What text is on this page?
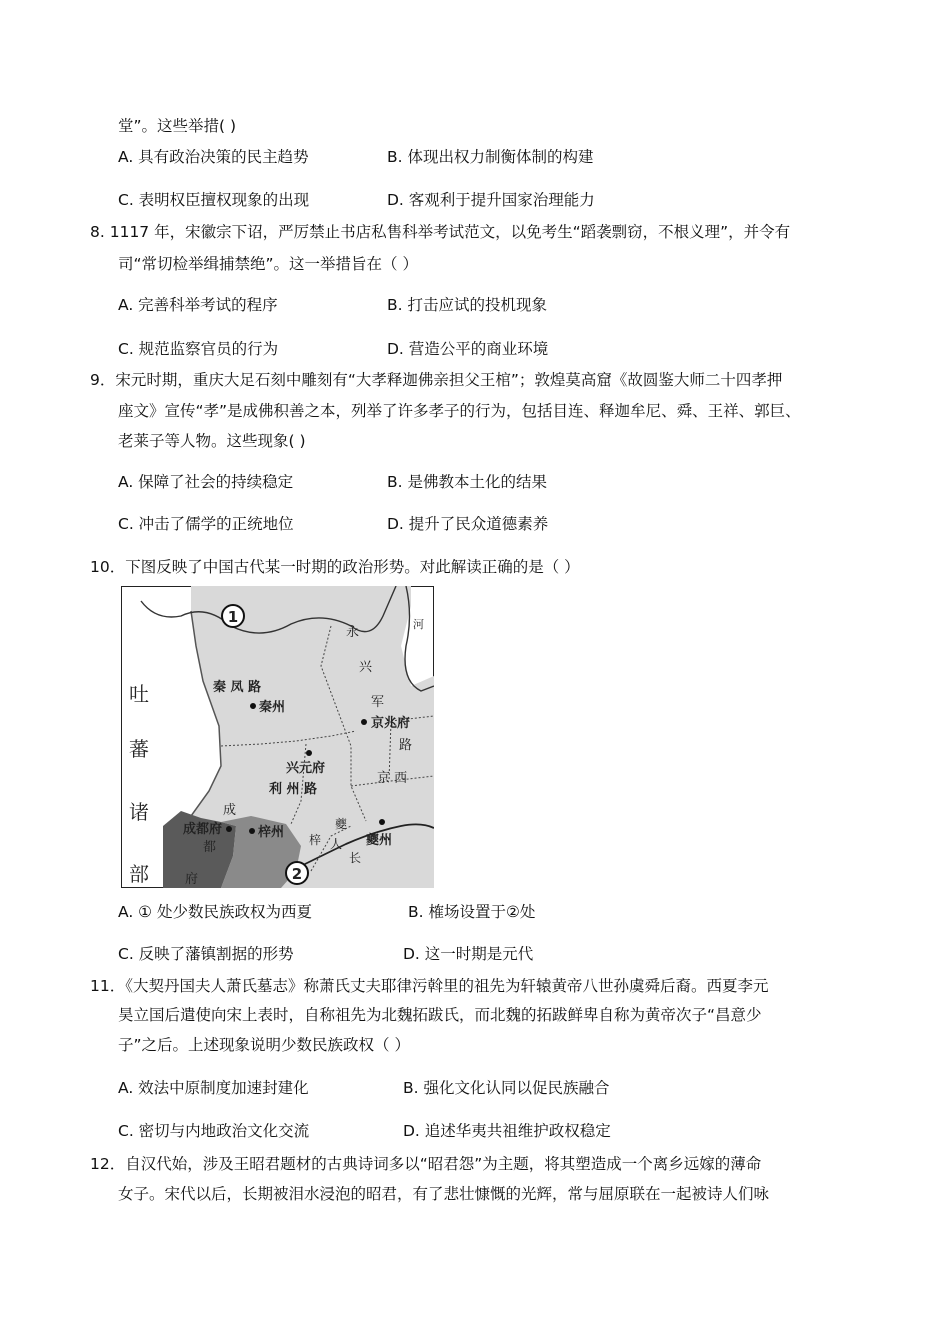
堂”。这些举措( )
A. 具有政治决策的民主趋势	B. 体现出权力制衡体制的构建
C. 表明权臣擅权现象的出现	D. 客观利于提升国家治理能力
8. 1117 年，宋徽宗下诏，严厉禁止书店私售科举考试范文，以免考生“蹈袭剽窃，不根义理”，并令有
司“常切检举缉捕禁绝”。这一举措旨在（ ）
A. 完善科举考试的程序	B. 打击应试的投机现象
C. 规范监察官员的行为	D. 营造公平的商业环境
9．宋元时期，重庆大足石刻中雕刻有“大孝释迦佛亲担父王棺”；敦煌莫高窟《故圆鉴大师二十四孝押
座文》宣传“孝”是成佛积善之本，列举了许多孝子的行为，包括目连、释迦牟尼、舜、王祥、郭巨、
老莱子等人物。这些现象( )
A. 保障了社会的持续稳定	B. 是佛教本土化的结果
C. 冲击了儒学的正统地位	D. 提升了民众道德素养
10．下图反映了中国古代某一时期的政治形势。对此解读正确的是（ ）
1
2
吐
蕃
诸
部
永
兴
军
河
秦 凤 路
秦州
京兆府
路
兴元府
利 州 路
京 西
成
成都府
都
府
梓州 梓
夔
人
长
夔州
A. ① 处少数民族政权为西夏	B. 榷场设置于②处
C. 反映了藩镇割据的形势	D. 这一时期是元代
11．《大契丹国夫人萧氏墓志》称萧氏丈夫耶律污斡里的祖先为轩辕黄帝八世孙虞舜后裔。西夏李元
昊立国后遣使向宋上表时，自称祖先为北魏拓跋氏，而北魏的拓跋鲜卑自称为黄帝次子“昌意少
子”之后。上述现象说明少数民族政权（ ）
A. 效法中原制度加速封建化	B. 强化文化认同以促民族融合
C. 密切与内地政治文化交流	D. 追述华夷共祖维护政权稳定
12．自汉代始，涉及王昭君题材的古典诗词多以“昭君怨”为主题，将其塑造成一个离乡远嫁的薄命
女子。宋代以后，长期被泪水浸泡的昭君，有了悲壮慷慨的光辉，常与屈原联在一起被诗人们咏
